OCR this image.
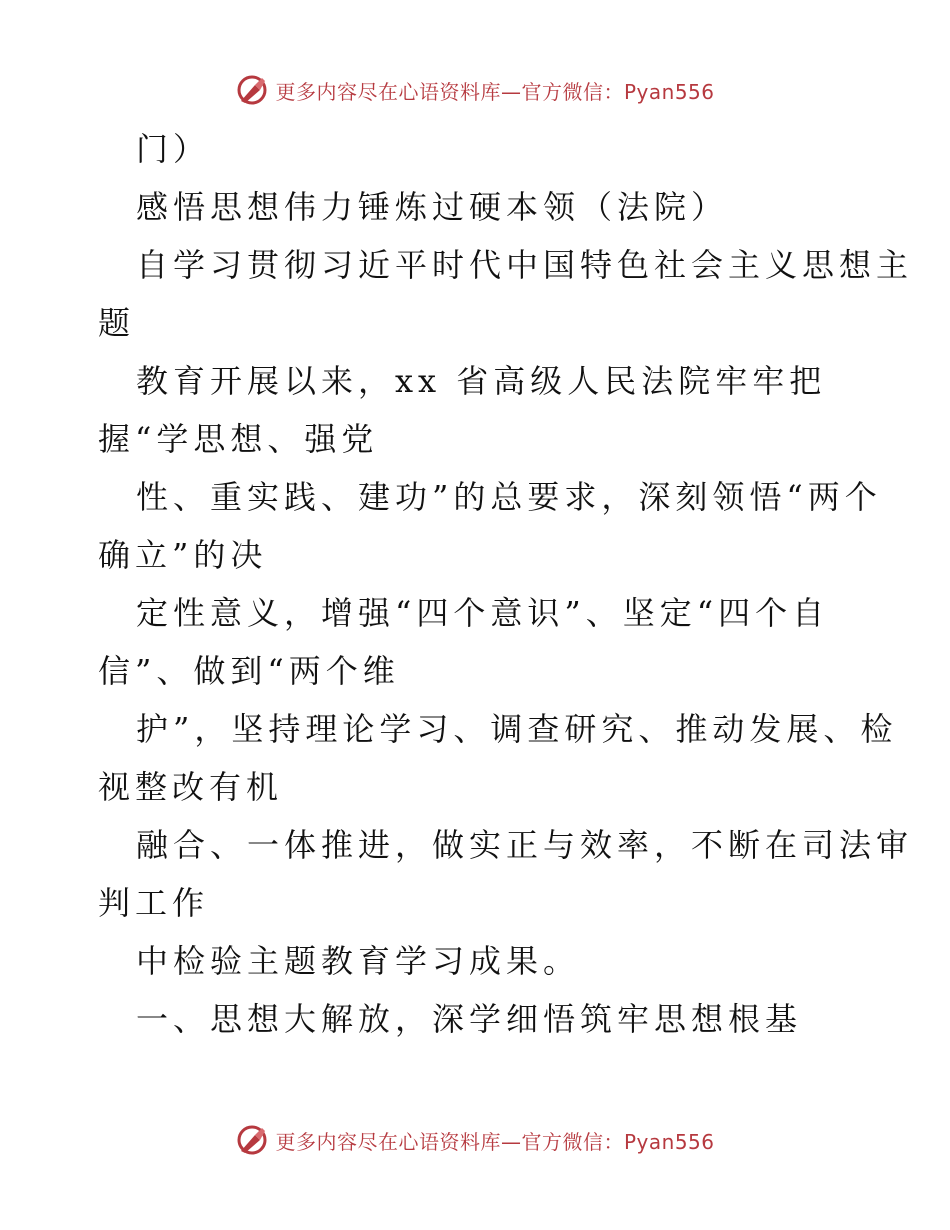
更多内容尽在心语资料库—官方微信：Pyan556
门）
感悟思想伟力锤炼过硬本领（法院）
自学习贯彻习近平时代中国特色社会主义思想主
题
教育开展以来，xx 省高级人民法院牢牢把
握“学思想、强党
性、重实践、建功”的总要求，深刻领悟“两个
确立”的决
定性意义，增强“四个意识”、坚定“四个自
信”、做到“两个维
护”，坚持理论学习、调查研究、推动发展、检
视整改有机
融合、一体推进，做实正与效率，不断在司法审
判工作
中检验主题教育学习成果。
一、思想大解放，深学细悟筑牢思想根基
更多内容尽在心语资料库—官方微信：Pyan556
